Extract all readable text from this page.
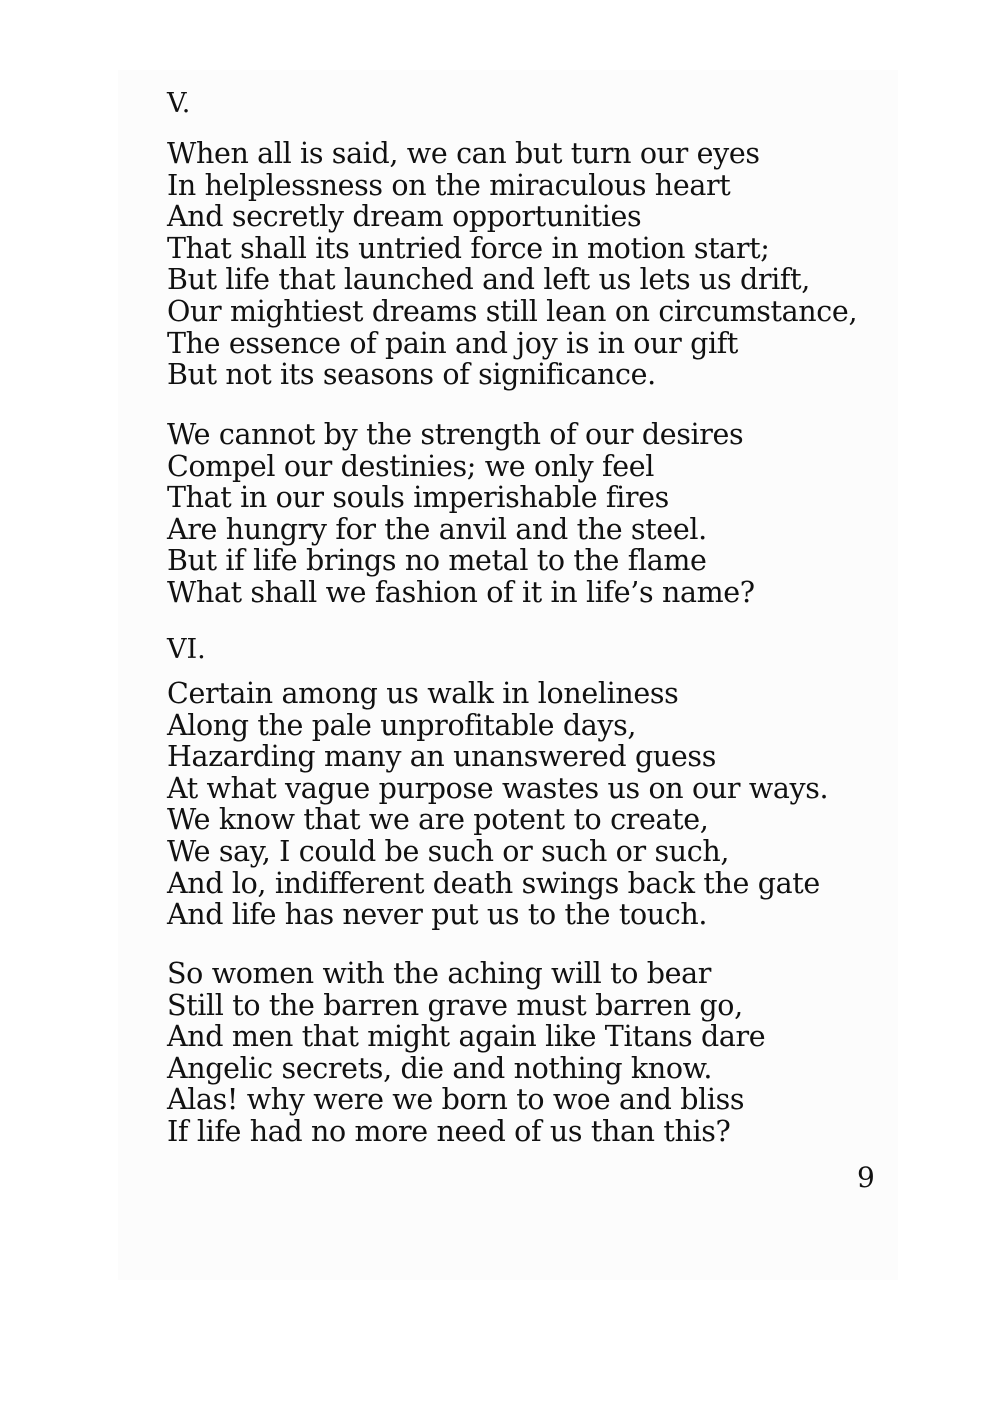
V.
When all is said, we can but turn our eyes
In helplessness on the miraculous heart
And secretly dream opportunities
That shall its untried force in motion start;
But life that launched and left us lets us drift,
Our mightiest dreams still lean on circumstance,
The essence of pain and joy is in our gift
But not its seasons of significance.
We cannot by the strength of our desires
Compel our destinies; we only feel
That in our souls imperishable fires
Are hungry for the anvil and the steel.
But if life brings no metal to the flame
What shall we fashion of it in life’s name?
VI.
Certain among us walk in loneliness
Along the pale unprofitable days,
Hazarding many an unanswered guess
At what vague purpose wastes us on our ways.
We know that we are potent to create,
We say, I could be such or such or such,
And lo, indifferent death swings back the gate
And life has never put us to the touch.
So women with the aching will to bear
Still to the barren grave must barren go,
And men that might again like Titans dare
Angelic secrets, die and nothing know.
Alas! why were we born to woe and bliss
If life had no more need of us than this?
9
